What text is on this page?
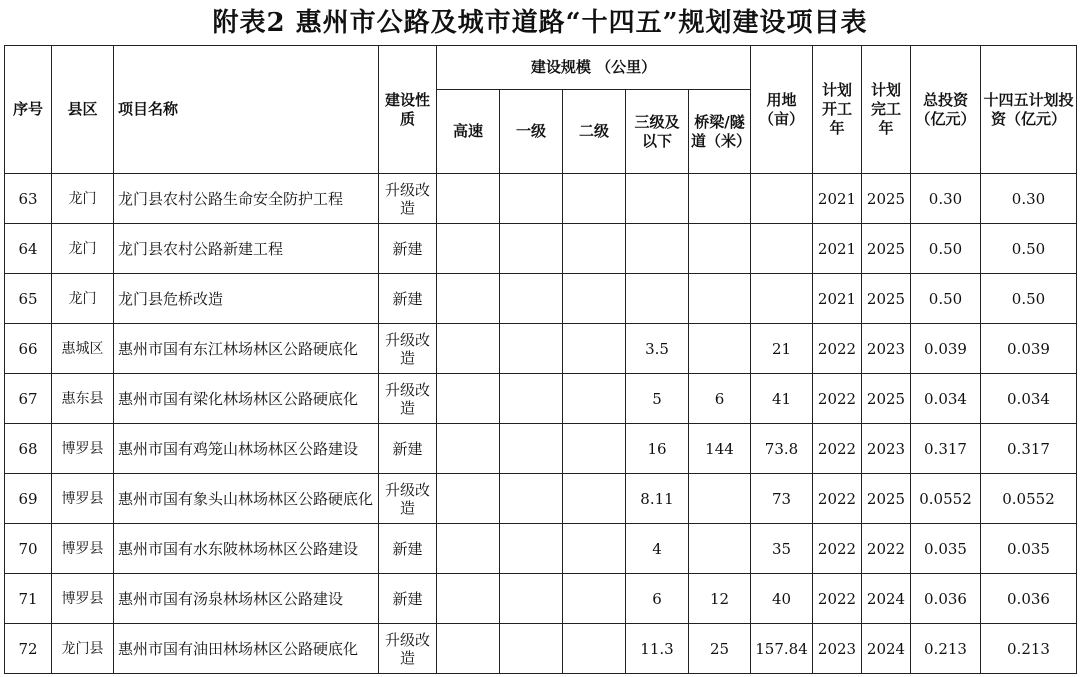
附表2 惠州市公路及城市道路“十四五”规划建设项目表
序号	县区	项目名称	建设性质	建设规模 （公里）					用地（亩）	计划开工年	计划完工年	总投资（亿元）	十四五计划投资（亿元）
				高速	一级	二级	三级及以下	桥梁/隧道（米）					
63	龙门	龙门县农村公路生命安全防护工程	升级改造							2021	2025	0.30	0.30
64	龙门	龙门县农村公路新建工程	新建							2021	2025	0.50	0.50
65	龙门	龙门县危桥改造	新建							2021	2025	0.50	0.50
66	惠城区	惠州市国有东江林场林区公路硬底化	升级改造				3.5		21	2022	2023	0.039	0.039
67	惠东县	惠州市国有梁化林场林区公路硬底化	升级改造				5	6	41	2022	2025	0.034	0.034
68	博罗县	惠州市国有鸡笼山林场林区公路建设	新建				16	144	73.8	2022	2023	0.317	0.317
69	博罗县	惠州市国有象头山林场林区公路硬底化	升级改造				8.11		73	2022	2025	0.0552	0.0552
70	博罗县	惠州市国有水东陂林场林区公路建设	新建				4		35	2022	2022	0.035	0.035
71	博罗县	惠州市国有汤泉林场林区公路建设	新建				6	12	40	2022	2024	0.036	0.036
72	龙门县	惠州市国有油田林场林区公路硬底化	升级改造				11.3	25	157.84	2023	2024	0.213	0.213
